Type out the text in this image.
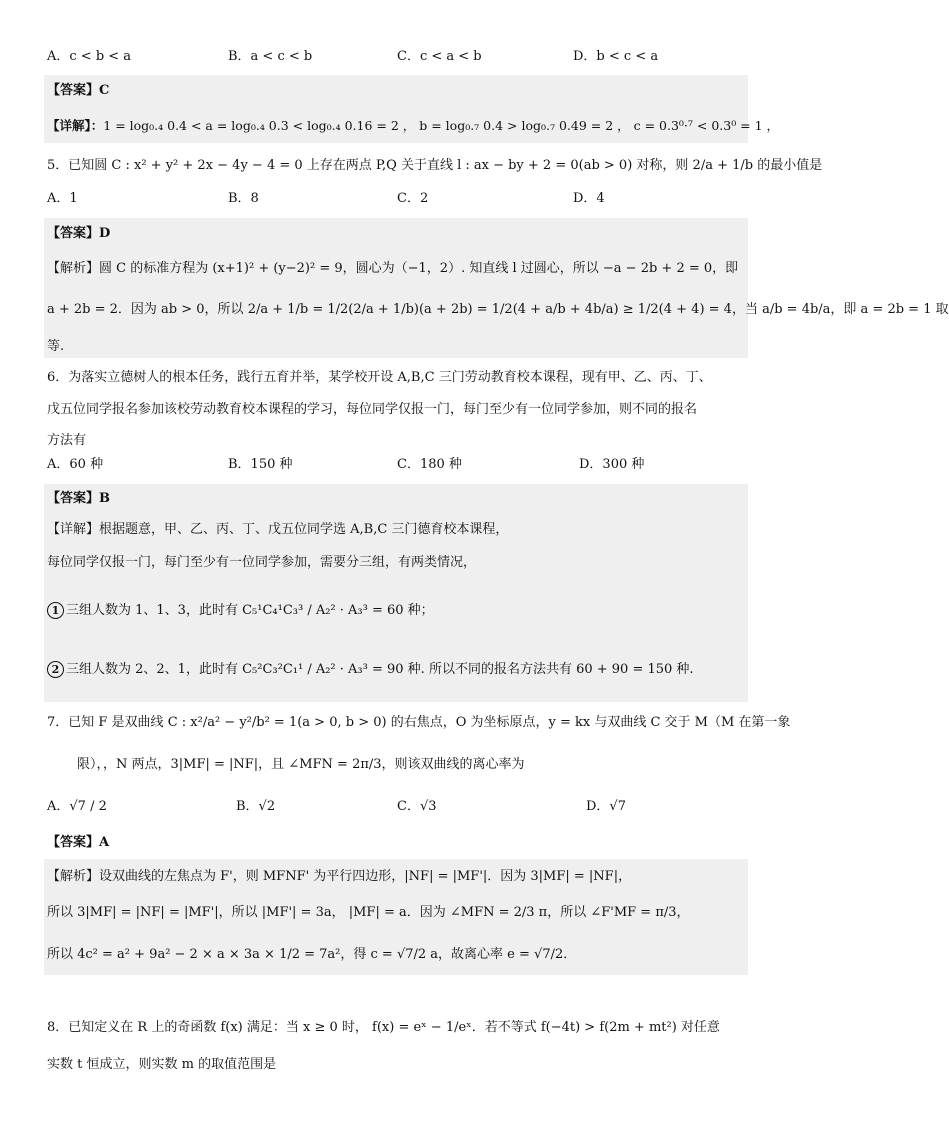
A．c < b < a	B．a < c < b	C．c < a < b	D．b < c < a
【答案】C
【详解】：1 = log₀.₄ 0.4 < a = log₀.₄ 0.3 < log₀.₄ 0.16 = 2 ， b = log₀.₇ 0.4 > log₀.₇ 0.49 = 2 ， c = 0.3⁰·⁷ < 0.3⁰ = 1 ，
5．已知圆 C : x² + y² + 2x − 4y − 4 = 0 上存在两点 P,Q 关于直线 l : ax − by + 2 = 0(ab > 0) 对称，则 2/a + 1/b 的最小值是
A．1	B．8	C．2	D．4
【答案】D
【解析】圆 C 的标准方程为 (x+1)² + (y−2)² = 9，圆心为（−1，2）. 知直线 l 过圆心，所以 −a − 2b + 2 = 0，即
a + 2b = 2．因为 ab > 0，所以 2/a + 1/b = 1/2(2/a + 1/b)(a + 2b) = 1/2(4 + a/b + 4b/a) ≥ 1/2(4 + 4) = 4，当 a/b = 4b/a，即 a = 2b = 1 取
等.
6．为落实立德树人的根本任务，践行五育并举，某学校开设 A,B,C 三门劳动教育校本课程，现有甲、乙、丙、丁、
戊五位同学报名参加该校劳动教育校本课程的学习，每位同学仅报一门，每门至少有一位同学参加，则不同的报名
方法有
A．60 种	B．150 种	C．180 种	D．300 种
【答案】B
【详解】根据题意，甲、乙、丙、丁、戊五位同学选 A,B,C 三门德育校本课程，
每位同学仅报一门，每门至少有一位同学参加，需要分三组，有两类情况，
1 三组人数为 1、1、3，此时有 C₅¹C₄¹C₃³ / A₂² · A₃³ = 60 种；
2 三组人数为 2、2、1，此时有 C₅²C₃²C₁¹ / A₂² · A₃³ = 90 种. 所以不同的报名方法共有 60 + 90 = 150 种.
7．已知 F 是双曲线 C : x²/a² − y²/b² = 1(a > 0, b > 0) 的右焦点，O 为坐标原点，y = kx 与双曲线 C 交于 M（M 在第一象
限），，N 两点，3|MF| = |NF|，且 ∠MFN = 2π/3，则该双曲线的离心率为
A．√7 / 2	B．√2	C．√3	D．√7
【答案】A
【解析】设双曲线的左焦点为 F'，则 MFNF' 为平行四边形，|NF| = |MF'|．因为 3|MF| = |NF|，
所以 3|MF| = |NF| = |MF'|，所以 |MF'| = 3a， |MF| = a．因为 ∠MFN = 2/3 π，所以 ∠F'MF = π/3，
所以 4c² = a² + 9a² − 2 × a × 3a × 1/2 = 7a²，得 c = √7/2 a，故离心率 e = √7/2．
8．已知定义在 R 上的奇函数 f(x) 满足：当 x ≥ 0 时， f(x) = eˣ − 1/eˣ．若不等式 f(−4t) > f(2m + mt²) 对任意
实数 t 恒成立，则实数 m 的取值范围是
